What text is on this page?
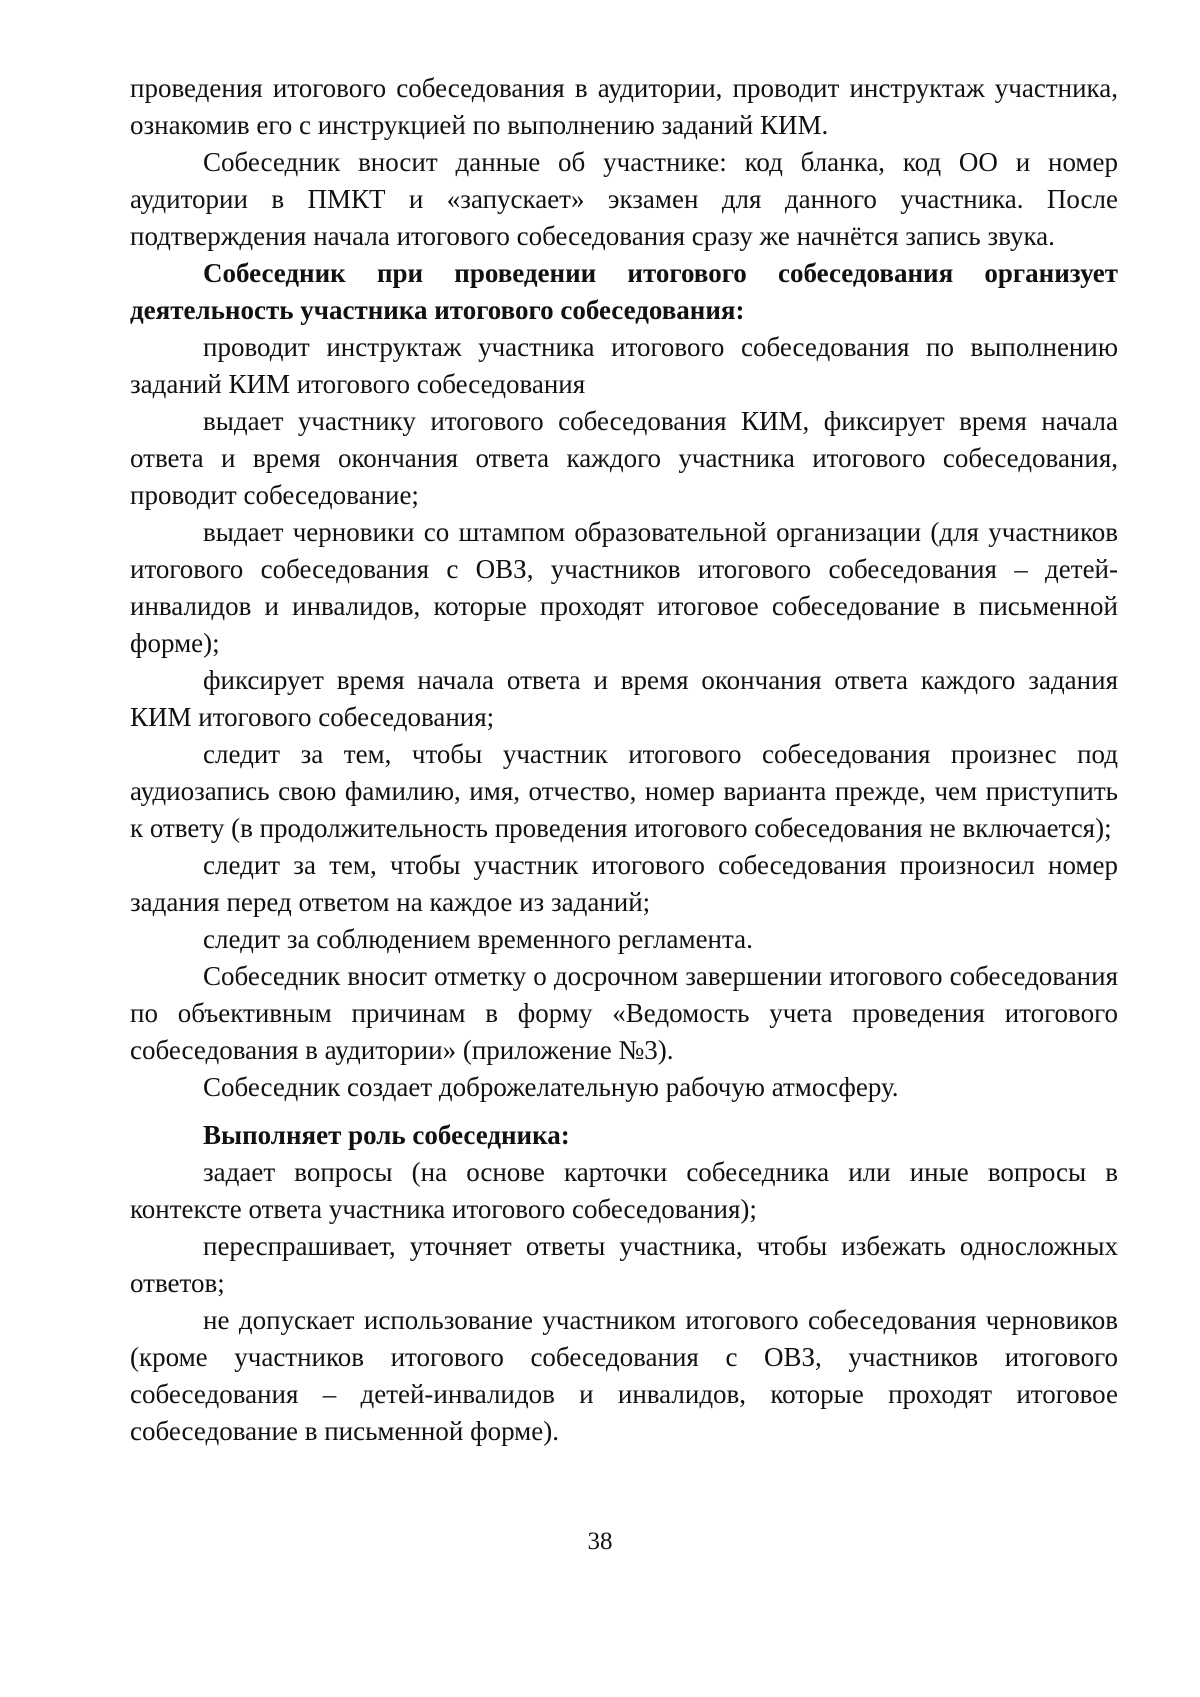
проведения итогового собеседования в аудитории, проводит инструктаж участника, ознакомив его с инструкцией по выполнению заданий КИМ.

Собеседник вносит данные об участнике: код бланка, код ОО и номер аудитории в ПМКТ и «запускает» экзамен для данного участника. После подтверждения начала итогового собеседования сразу же начнётся запись звука.

Собеседник при проведении итогового собеседования организует деятельность участника итогового собеседования:

проводит инструктаж участника итогового собеседования по выполнению заданий КИМ итогового собеседования

выдает участнику итогового собеседования КИМ, фиксирует время начала ответа и время окончания ответа каждого участника итогового собеседования, проводит собеседование;

выдает черновики со штампом образовательной организации (для участников итогового собеседования с ОВЗ, участников итогового собеседования – детей-инвалидов и инвалидов, которые проходят итоговое собеседование в письменной форме);

фиксирует время начала ответа и время окончания ответа каждого задания КИМ итогового собеседования;

следит за тем, чтобы участник итогового собеседования произнес под аудиозапись свою фамилию, имя, отчество, номер варианта прежде, чем приступить к ответу (в продолжительность проведения итогового собеседования не включается);

следит за тем, чтобы участник итогового собеседования произносил номер задания перед ответом на каждое из заданий;

следит за соблюдением временного регламента.

Собеседник вносит отметку о досрочном завершении итогового собеседования по объективным причинам в форму «Ведомость учета проведения итогового собеседования в аудитории» (приложение №3).

Собеседник создает доброжелательную рабочую атмосферу.

Выполняет роль собеседника:

задает вопросы (на основе карточки собеседника или иные вопросы в контексте ответа участника итогового собеседования);

переспрашивает, уточняет ответы участника, чтобы избежать односложных ответов;

не допускает использование участником итогового собеседования черновиков (кроме участников итогового собеседования с ОВЗ, участников итогового собеседования – детей-инвалидов и инвалидов, которые проходят итоговое собеседование в письменной форме).

38
